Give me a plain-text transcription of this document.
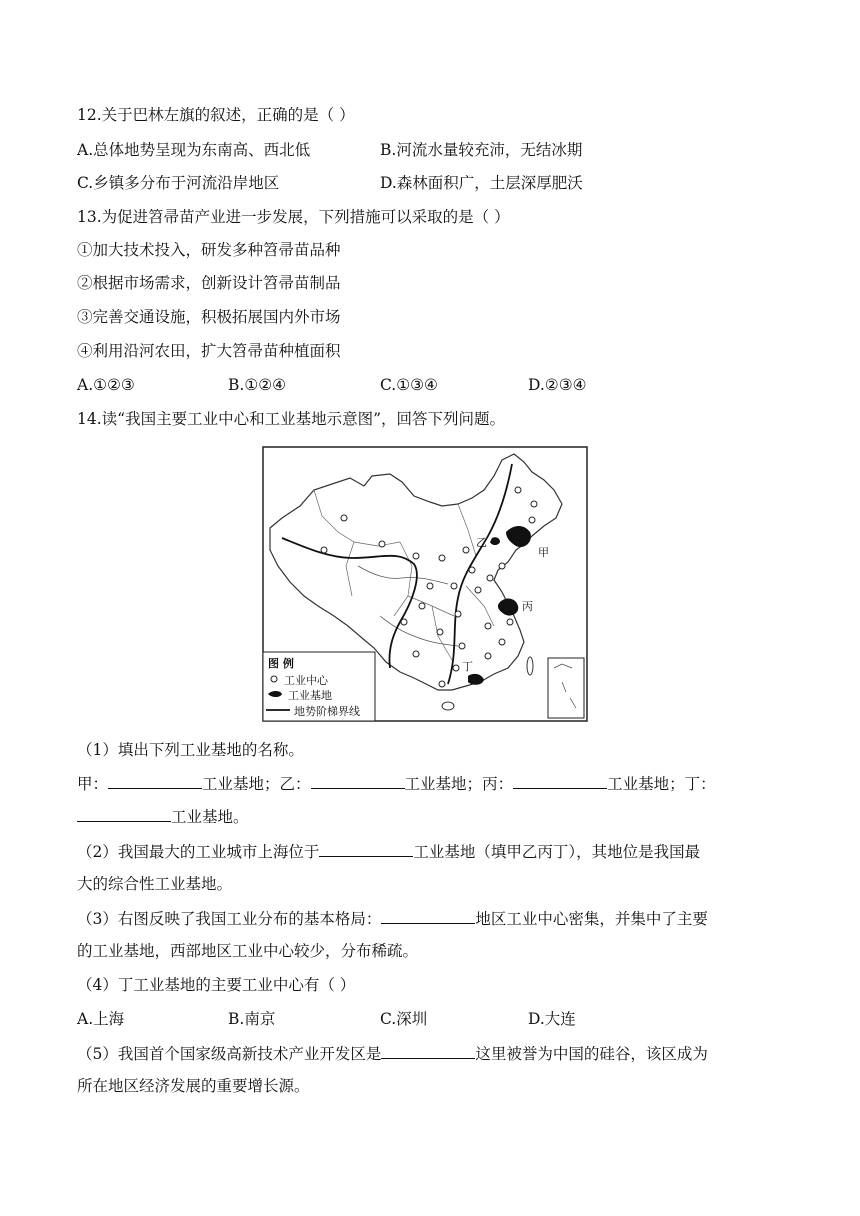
12.关于巴林左旗的叙述，正确的是（ ）
A.总体地势呈现为东南高、西北低	B.河流水量较充沛，无结冰期
C.乡镇多分布于河流沿岸地区	D.森林面积广，土层深厚肥沃
13.为促进笤帚苗产业进一步发展，下列措施可以采取的是（ ）
①加大技术投入，研发多种笤帚苗品种
②根据市场需求，创新设计笤帚苗制品
③完善交通设施，积极拓展国内外市场
④利用沿河农田，扩大笤帚苗种植面积
A.①②③	B.①②④	C.①③④	D.②③④
14.读“我国主要工业中心和工业基地示意图”，回答下列问题。
图 例
工业中心
工业基地
地势阶梯界线
甲
乙
丙
丁
（1）填出下列工业基地的名称。
甲：	工业基地；乙：	工业基地；丙：	工业基地；丁：
工业基地。
（2）我国最大的工业城市上海位于	工业基地（填甲乙丙丁），其地位是我国最
大的综合性工业基地。
（3）右图反映了我国工业分布的基本格局：	地区工业中心密集，并集中了主要
的工业基地，西部地区工业中心较少，分布稀疏。
（4）丁工业基地的主要工业中心有（ ）
A.上海	B.南京	C.深圳	D.大连
（5）我国首个国家级高新技术产业开发区是	这里被誉为中国的硅谷，该区成为
所在地区经济发展的重要增长源。
